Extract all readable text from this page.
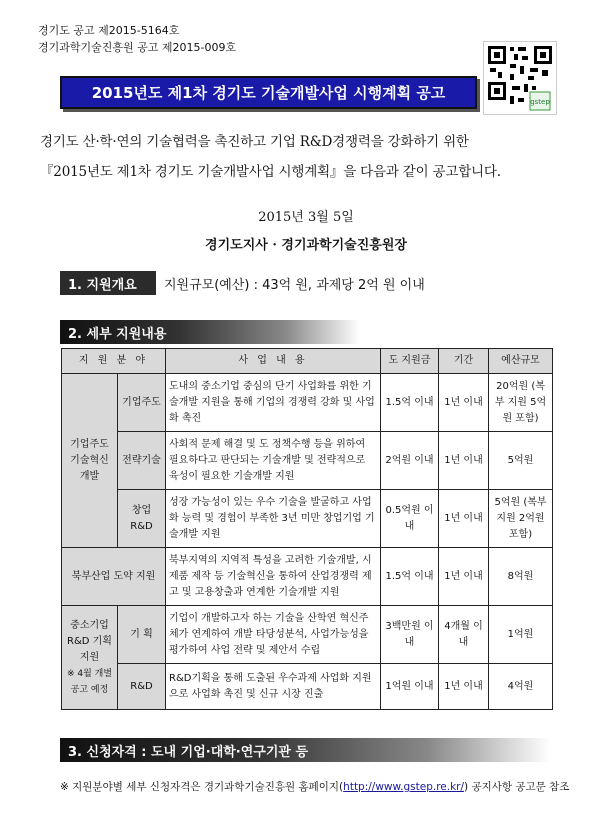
경기도 공고 제2015-5164호
경기과학기술진흥원 공고 제2015-009호
2015년도 제1차 경기도 기술개발사업 시행계획 공고	gstep
경기도 산·학·연의 기술협력을 촉진하고 기업 R&D경쟁력을 강화하기 위한
『2015년도 제1차 경기도 기술개발사업 시행계획』을 다음과 같이 공고합니다.
2015년 3월 5일
경기도지사 · 경기과학기술진흥원장
1. 지원개요	지원규모(예산) : 43억 원, 과제당 2억 원 이내
2. 세부 지원내용
지 원 분 야		사 업 내 용	도 지원금	기간	예산규모
기업주도 기술혁신 개발	기업주도	도내의 중소기업 중심의 단기 사업화를 위한 기술개발 지원을 통해 기업의 경쟁력 강화 및 사업화 촉진	1.5억 이내	1년 이내	20억원 (복부 지원 5억원 포함)
	전략기술	사회적 문제 해결 및 도 정책수행 등을 위하여 필요하다고 판단되는 기술개발 및 전략적으로 육성이 필요한 기술개발 지원	2억원 이내	1년 이내	5억원
	창업R&D	성장 가능성이 있는 우수 기술을 발굴하고 사업화 능력 및 경험이 부족한 3년 미만 창업기업 기술개발 지원	0.5억원 이내	1년 이내	5억원 (복부 지원 2억원 포함)
북부산업 도약 지원		북부지역의 지역적 특성을 고려한 기술개발, 시제품 제작 등 기술혁신을 통하여 산업경쟁력 제고 및 고용창출과 연계한 기술개발 지원	1.5억 이내	1년 이내	8억원

중소기업 R&D 기획 지원
※ 4월 개별 공고 예정	기 획	기업이 개발하고자 하는 기술을 산학연 혁신주체가 연계하여 개발 타당성분석, 사업가능성을 평가하여 사업 전략 및 제안서 수립	3백만원 이내	4개월 이내	1억원
	R&D	R&D기획을 통해 도출된 우수과제 사업화 지원으로 사업화 촉진 및 신규 시장 진출	1억원 이내	1년 이내	4억원
3. 신청자격 : 도내 기업·대학·연구기관 등
※ 지원분야별 세부 신청자격은 경기과학기술진흥원 홈페이지(http://www.gstep.re.kr/) 공지사항 공고문 참조
